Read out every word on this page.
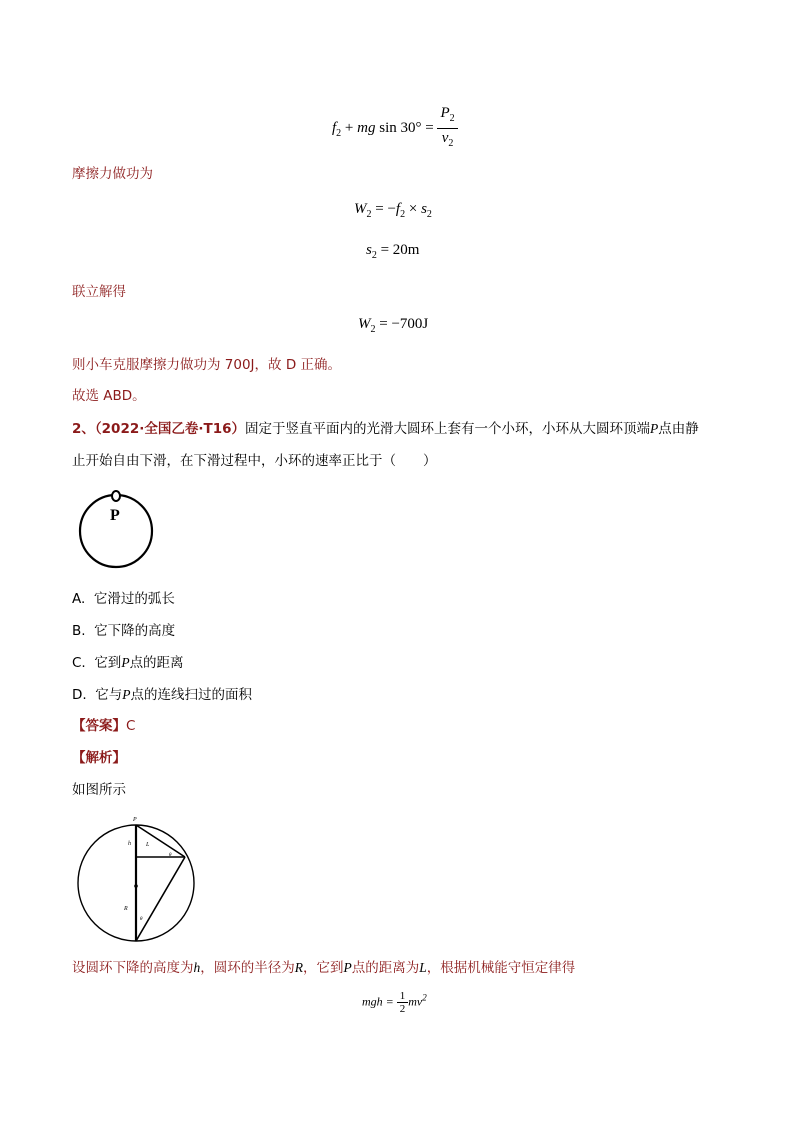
$f_2$ + mg $\sin 30^\circ = \frac{P_2}{v_2}$
摩擦力做功为
$W_2 = -f_2 \times s_2$
$s_2 = 20m$
联立解得
$W_2 = -700J$
则小车克服摩擦力做功为 700J，故 D 正确。
故选 ABD。
2、（2022·全国乙卷·T16）固定于竖直平面内的光滑大圆环上套有一个小环，小环从大圆环顶端P点由静
止开始自由下滑，在下滑过程中，小环的速率正比于（　　）
P
A. 它滑过的弧长
B. 它下降的高度
C. 它到P点的距离
D. 它与P点的连线扫过的面积
【答案】C
【解析】
如图所示
P
h	L
R
θ
θ
设圆环下降的高度为h，圆环的半径为R，它到P点的距离为L，根据机械能守恒定律得
mgh = $\frac{1}{2} mv^2$
